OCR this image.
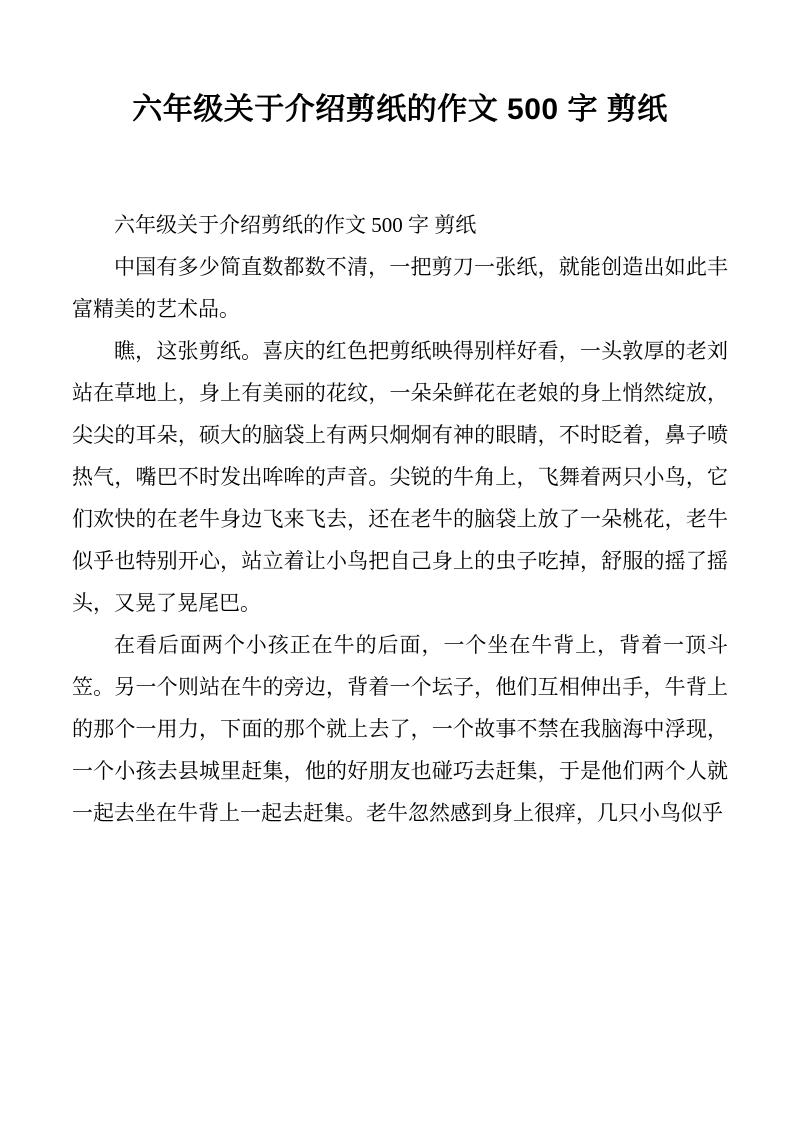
六年级关于介绍剪纸的作文 500 字 剪纸

六年级关于介绍剪纸的作文 500 字 剪纸

中国有多少简直数都数不清，一把剪刀一张纸，就能创造出如此丰富精美的艺术品。

瞧，这张剪纸。喜庆的红色把剪纸映得别样好看，一头敦厚的老刘站在草地上，身上有美丽的花纹，一朵朵鲜花在老娘的身上悄然绽放，尖尖的耳朵，硕大的脑袋上有两只炯炯有神的眼睛，不时眨着，鼻子喷热气，嘴巴不时发出哞哞的声音。尖锐的牛角上，飞舞着两只小鸟，它们欢快的在老牛身边飞来飞去，还在老牛的脑袋上放了一朵桃花，老牛似乎也特别开心，站立着让小鸟把自己身上的虫子吃掉，舒服的摇了摇头，又晃了晃尾巴。

在看后面两个小孩正在牛的后面，一个坐在牛背上，背着一顶斗笠。另一个则站在牛的旁边，背着一个坛子，他们互相伸出手，牛背上的那个一用力，下面的那个就上去了，一个故事不禁在我脑海中浮现，一个小孩去县城里赶集，他的好朋友也碰巧去赶集，于是他们两个人就一起去坐在牛背上一起去赶集。老牛忽然感到身上很痒，几只小鸟似乎
